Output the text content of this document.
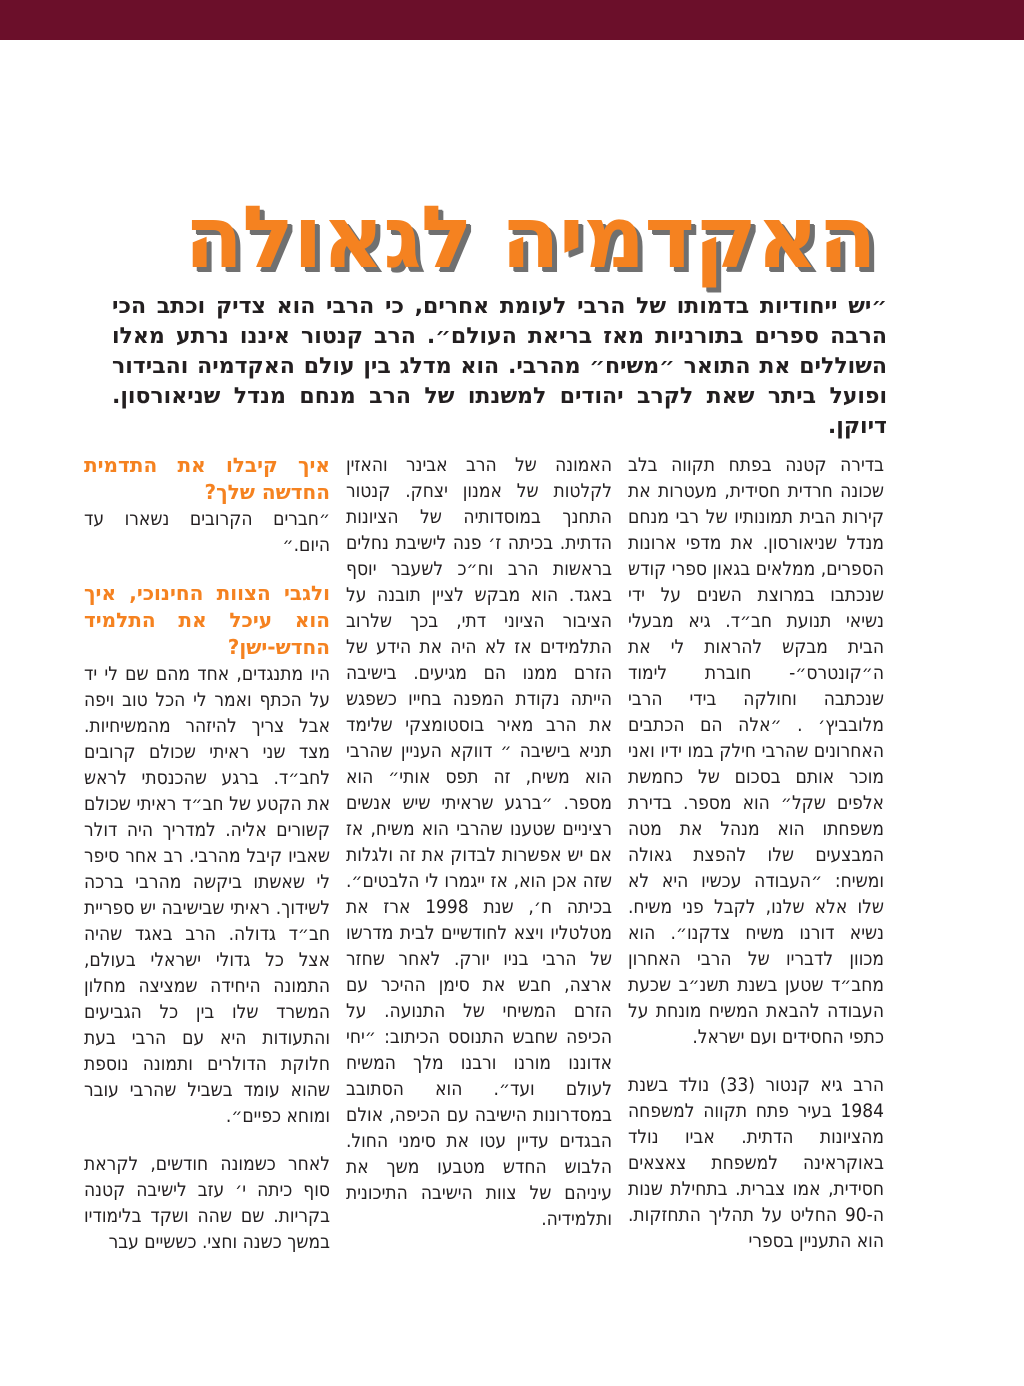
האקדמיה לגאולה
״יש ייחודיות בדמותו של הרבי לעומת אחרים, כי הרבי הוא צדיק וכתב הכי הרבה ספרים בתורניות מאז בריאת העולם״. הרב קנטור איננו נרתע מאלו השוללים את התואר ״משיח״ מהרבי. הוא מדלג בין עולם האקדמיה והבידור ופועל ביתר שאת לקרב יהודים למשנתו של הרב מנחם מנדל שניאורסון. דיוקן.

בדירה קטנה בפתח תקווה בלב שכונה חרדית חסידית, מעטרות את קירות הבית תמונותיו של רבי מנחם מנדל שניאורסון. את מדפי ארונות הספרים, ממלאים בגאון ספרי קודש שנכתבו במרוצת השנים על ידי נשיאי תנועת חב״ד. גיא מבעלי הבית מבקש להראות לי את ה״קונטרס״- חוברת לימוד שנכתבה וחולקה בידי הרבי מלובביץ׳ . ״אלה הם הכתבים האחרונים שהרבי חילק במו ידיו ואני מוכר אותם בסכום של כחמשת אלפים שקל״ הוא מספר. בדירת משפחתו הוא מנהל את מטה המבצעים שלו להפצת גאולה ומשיח: ״העבודה עכשיו היא לא שלו אלא שלנו, לקבל פני משיח. נשיא דורנו משיח צדקנו״. הוא מכוון לדבריו של הרבי האחרון מחב״ד שטען בשנת תשנ״ב שכעת העבודה להבאת המשיח מונחת על כתפי החסידים ועם ישראל.

הרב גיא קנטור (33) נולד בשנת 1984 בעיר פתח תקווה למשפחה מהציונות הדתית. אביו נולד באוקראינה למשפחת צאצאים חסידית, אמו צברית. בתחילת שנות ה-90 החליט על תהליך התחזקות. הוא התעניין בספרי

האמונה של הרב אבינר והאזין לקלטות של אמנון יצחק. קנטור התחנך במוסדותיה של הציונות הדתית. בכיתה ז׳ פנה לישיבת נחלים בראשות הרב וח״כ לשעבר יוסף באגד. הוא מבקש לציין תובנה על הציבור הציוני דתי, בכך שלרוב התלמידים אז לא היה את הידע של הזרם ממנו הם מגיעים. בישיבה הייתה נקודת המפנה בחייו כשפגש את הרב מאיר בוסטומצקי שלימד תניא בישיבה ״ דווקא העניין שהרבי הוא משיח, זה תפס אותי״ הוא מספר. ״ברגע שראיתי שיש אנשים רציניים שטענו שהרבי הוא משיח, אז אם יש אפשרות לבדוק את זה ולגלות שזה אכן הוא, אז ייגמרו לי הלבטים״. בכיתה ח׳, שנת 1998 ארז את מטלטליו ויצא לחודשיים לבית מדרשו של הרבי בניו יורק. לאחר שחזר ארצה, חבש את סימן ההיכר עם הזרם המשיחי של התנועה. על הכיפה שחבש התנוסס הכיתוב: ״יחי אדוננו מורנו ורבנו מלך המשיח לעולם ועד״. הוא הסתובב במסדרונות הישיבה עם הכיפה, אולם הבגדים עדיין עטו את סימני החול. הלבוש החדש מטבעו משך את עיניהם של צוות הישיבה התיכונית ותלמידיה.

איך קיבלו את התדמית החדשה שלך?

״חברים הקרובים נשארו עד היום.״

ולגבי הצוות החינוכי, איך הוא עיכל את התלמיד החדש-ישן?

היו מתנגדים, אחד מהם שם לי יד על הכתף ואמר לי הכל טוב ויפה אבל צריך להיזהר מהמשיחיות. מצד שני ראיתי שכולם קרובים לחב״ד. ברגע שהכנסתי לראש את הקטע של חב״ד ראיתי שכולם קשורים אליה. למדריך היה דולר שאביו קיבל מהרבי. רב אחר סיפר לי שאשתו ביקשה מהרבי ברכה לשידוך. ראיתי שבישיבה יש ספריית חב״ד גדולה. הרב באגד שהיה אצל כל גדולי ישראלי בעולם, התמונה היחידה שמציצה מחלון המשרד שלו בין כל הגביעים והתעודות היא עם הרבי בעת חלוקת הדולרים ותמונה נוספת שהוא עומד בשביל שהרבי עובר ומוחא כפיים״.

לאחר כשמונה חודשים, לקראת סוף כיתה י׳ עזב לישיבה קטנה בקריות. שם שהה ושקד בלימודיו במשך כשנה וחצי. כששיים עבר
